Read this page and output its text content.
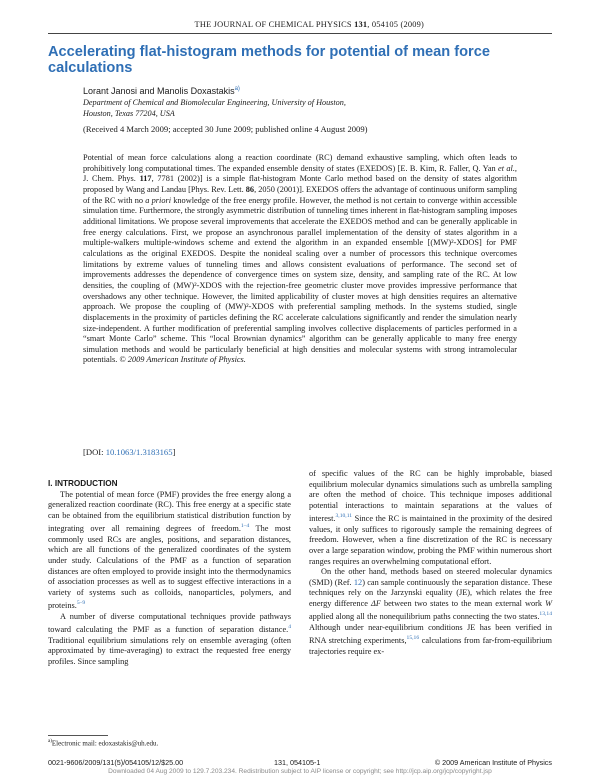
THE JOURNAL OF CHEMICAL PHYSICS 131, 054105 (2009)
Accelerating flat-histogram methods for potential of mean force calculations
Lorant Janosi and Manolis Doxastakis$^{a)}$
Department of Chemical and Biomolecular Engineering, University of Houston,
Houston, Texas 77204, USA
(Received 4 March 2009; accepted 30 June 2009; published online 4 August 2009)

Potential of mean force calculations along a reaction coordinate (RC) demand exhaustive sampling, which often leads to prohibitively long computational times. The expanded ensemble density of states (EXEDOS) [E. B. Kim, R. Faller, Q. Yan et al., J. Chem. Phys. 117, 7781 (2002)] is a simple flat-histogram Monte Carlo method based on the density of states algorithm proposed by Wang and Landau [Phys. Rev. Lett. 86, 2050 (2001)]. EXEDOS offers the advantage of continuous uniform sampling of the RC with no a priori knowledge of the free energy profile. However, the method is not certain to converge within accessible simulation time. Furthermore, the strongly asymmetric distribution of tunneling times inherent in flat-histogram sampling imposes additional limitations. We propose several improvements that accelerate the EXEDOS method and can be generally applicable in free energy calculations. First, we propose an asynchronous parallel implementation of the density of states algorithm in a multiple-walkers multiple-windows scheme and extend the algorithm in an expanded ensemble [(MW)²-XDOS] for PMF calculations as the original EXEDOS. Despite the nonideal scaling over a number of processors this technique overcomes limitations by extreme values of tunneling times and allows consistent evaluations of performance. The second set of improvements addresses the dependence of convergence times on system size, density, and sampling rate of the RC. At low densities, the coupling of (MW)²-XDOS with the rejection-free geometric cluster move provides impressive performance that overshadows any other technique. However, the limited applicability of cluster moves at high densities requires an alternative approach. We propose the coupling of (MW)²-XDOS with preferential sampling methods. In the systems studied, single displacements in the proximity of particles defining the RC accelerate calculations significantly and render the simulation nearly size-independent. A further modification of preferential sampling involves collective displacements of particles performed in a “smart Monte Carlo” scheme. This “local Brownian dynamics” algorithm can be generally applicable to many free energy simulation methods and would be particularly beneficial at high densities and molecular systems with strong intramolecular potentials. © 2009 American Institute of Physics.

[DOI: 10.1063/1.3183165]

I. INTRODUCTION

The potential of mean force (PMF) provides the free energy along a generalized reaction coordinate (RC). This free energy at a specific state can be obtained from the equilibrium statistical distribution function by integrating over all remaining degrees of freedom.$^{1-4}$ The most commonly used RCs are angles, positions, and separation distances, which are all functions of the generalized coordinates of the system under study. Calculations of the PMF as a function of separation distances are often employed to provide insight into the thermodynamics of association processes as well as to suggest effective interactions in a variety of systems such as colloids, nanoparticles, polymers, and proteins.$^{5-9}$

A number of diverse computational techniques provide pathways toward calculating the PMF as a function of separation distance.$^4$ Traditional equilibrium simulations rely on ensemble averaging (often approximated by time-averaging) to extract the requested free energy profiles. Since sampling

of specific values of the RC can be highly improbable, biased equilibrium molecular dynamics simulations such as umbrella sampling are often the method of choice. This technique imposes additional potential interactions to maintain separations at the values of interest.$^{3,10,11}$ Since the RC is maintained in the proximity of the desired values, it only suffices to rigorously sample the remaining degrees of freedom. However, when a fine discretization of the RC is necessary over a large separation window, probing the PMF within numerous short ranges requires an overwhelming computational effort.

On the other hand, methods based on steered molecular dynamics (SMD) (Ref. 12) can sample continuously the separation distance. These techniques rely on the Jarzynski equality (JE), which relates the free energy difference ΔF between two states to the mean external work W applied along all the nonequilibrium paths connecting the two states.$^{13,14}$ Although under near-equilibrium conditions JE has been verified in RNA stretching experiments,$^{15,16}$ calculations from far-from-equilibrium trajectories require ex-

$^{a)}$Electronic mail: edoxastakis@uh.edu.
0021-9606/2009/131(5)/054105/12/$25.00	131, 054105-1	© 2009 American Institute of Physics
Downloaded 04 Aug 2009 to 129.7.203.234. Redistribution subject to AIP license or copyright; see http://jcp.aip.org/jcp/copyright.jsp
